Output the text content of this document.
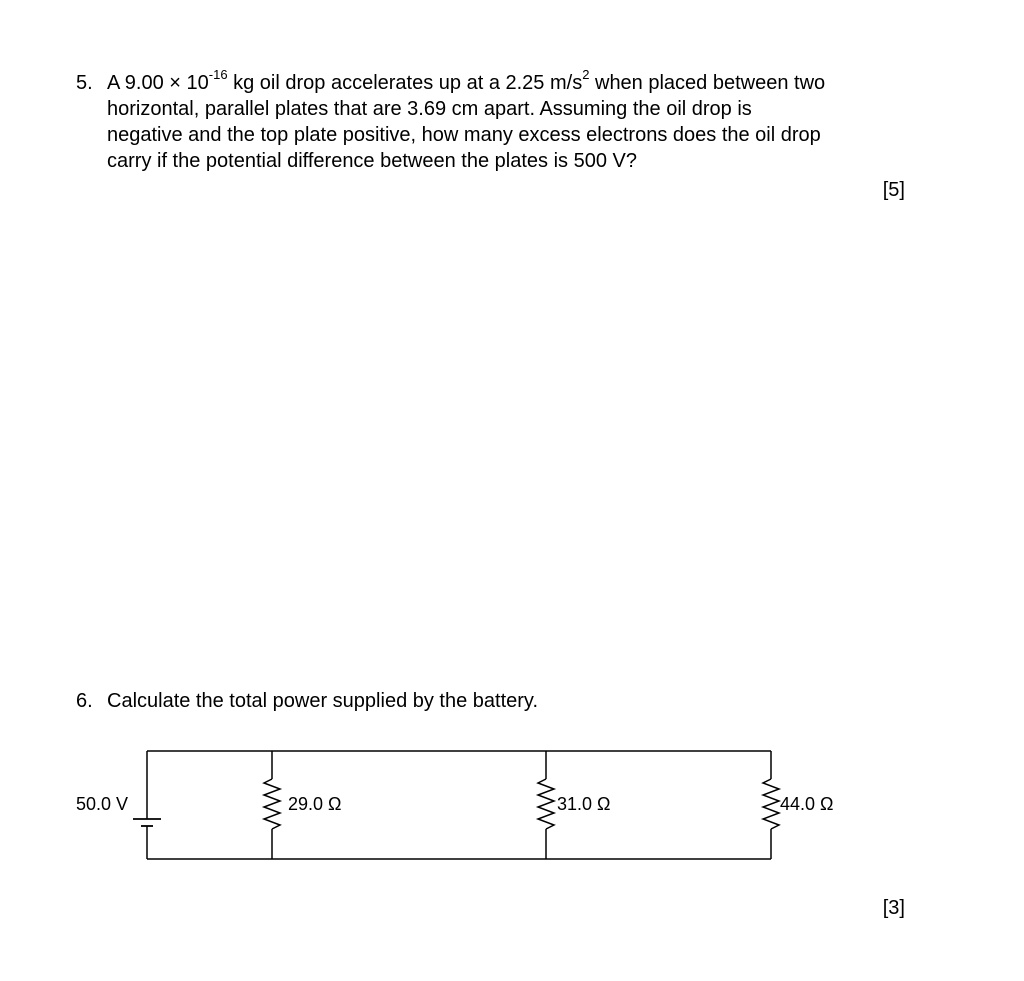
5. A $9.00 \times 10^{-16}$ kg oil drop accelerates up at a 2.25 $m/s^2$ when placed between two
horizontal, parallel plates that are 3.69 cm apart. Assuming the oil drop is
negative and the top plate positive, how many excess electrons does the oil drop
carry if the potential difference between the plates is 500 V?
[5]
6. Calculate the total power supplied by the battery.
50.0 V	29.0 Ω	31.0 Ω	44.0 Ω
[3]
